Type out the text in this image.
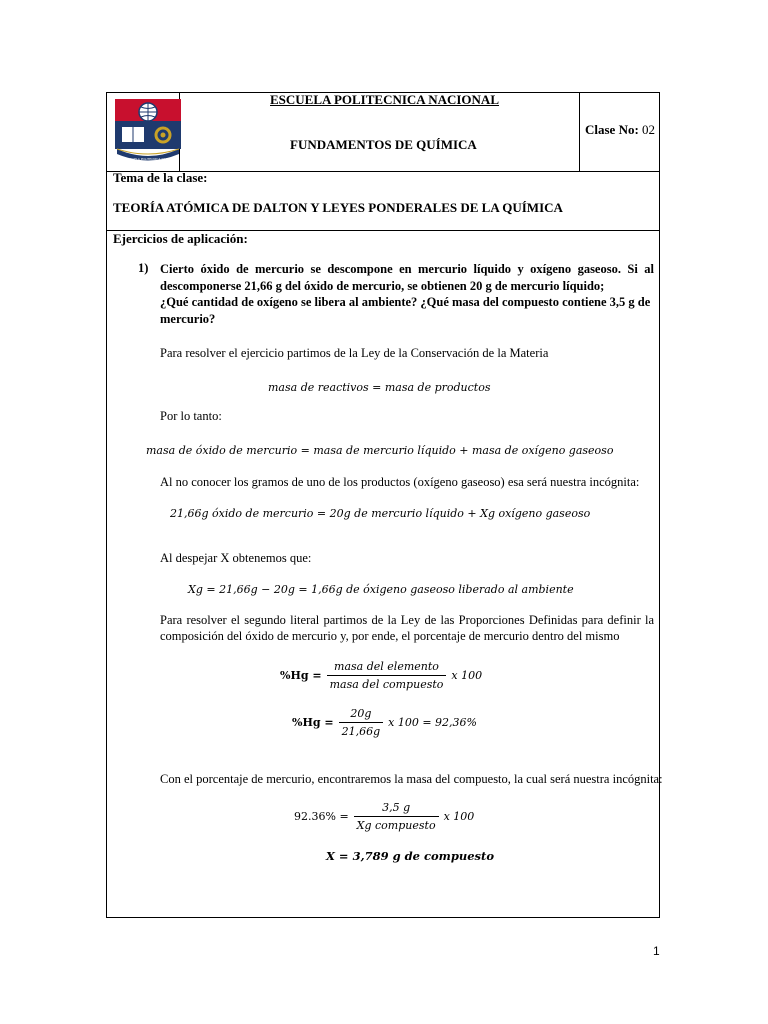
ESCUELA POLITECNICA NACIONAL
ESCUELA POLITECNICA NACIONAL
FUNDAMENTOS DE QUÍMICA
Clase No: 02
Tema de la clase:
TEORÍA ATÓMICA DE DALTON Y LEYES PONDERALES DE LA QUÍMICA
Ejercicios de aplicación:
1) Cierto óxido de mercurio se descompone en mercurio líquido y oxígeno gaseoso. Si al
descomponerse 21,66 g del óxido de mercurio, se obtienen 20 g de mercurio líquido;
¿Qué cantidad de oxígeno se libera al ambiente? ¿Qué masa del compuesto contiene 3,5 g de
mercurio?
Para resolver el ejercicio partimos de la Ley de la Conservación de la Materia
masa de reactivos = masa de productos
Por lo tanto:
masa de óxido de mercurio = masa de mercurio líquido + masa de oxígeno gaseoso
Al no conocer los gramos de uno de los productos (oxígeno gaseoso) esa será nuestra incógnita:
21,66g óxido de mercurio = 20g de mercurio líquido + Xg oxígeno gaseoso
Al despejar X obtenemos que:
Xg = 21,66g − 20g = 1,66g de óxigeno gaseoso liberado al ambiente
Para resolver el segundo literal partimos de la Ley de las Proporciones Definidas para definir la
composición del óxido de mercurio y, por ende, el porcentaje de mercurio dentro del mismo
$\%Hg = \frac{\text{masa del elemento}}{\text{masa del compuesto}}$ x 100
$\%Hg = \frac{20g}{21,66g}$ x 100 = 92,36%
Con el porcentaje de mercurio, encontraremos la masa del compuesto, la cual será nuestra incógnita:
$92.36\% = \frac{3,5 g}{\text{Xg compuesto}}$ x 100
X = 3,789 g de compuesto
1
